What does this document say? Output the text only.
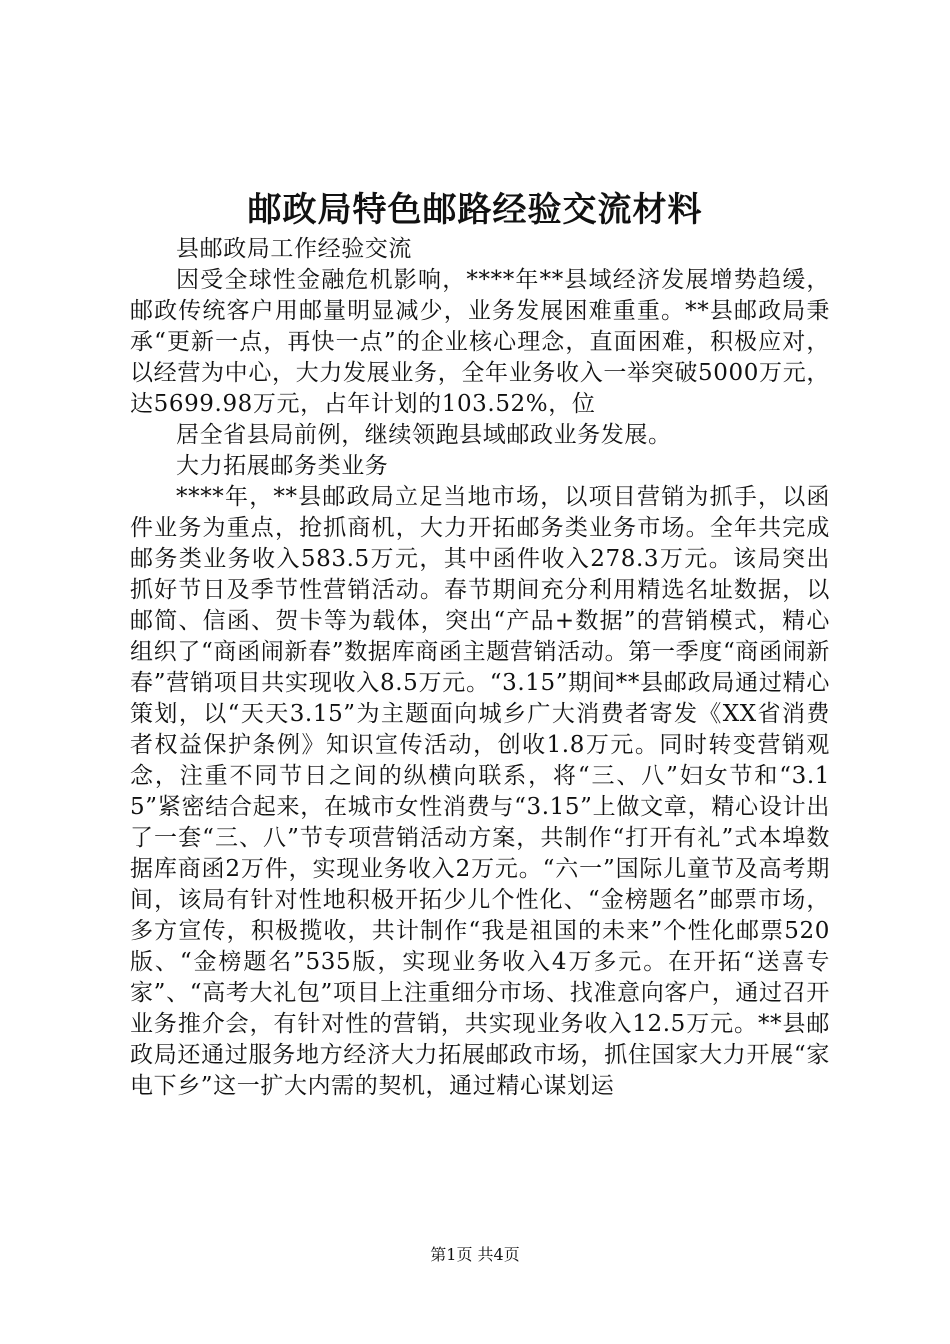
邮政局特色邮路经验交流材料

县邮政局工作经验交流

因受全球性金融危机影响，****年**县域经济发展增势趋缓，邮政传统客户用邮量明显减少，业务发展困难重重。**县邮政局秉承“更新一点，再快一点”的企业核心理念，直面困难，积极应对，以经营为中心，大力发展业务，全年业务收入一举突破5000万元，达5699.98万元，占年计划的103.52%，位

居全省县局前例，继续领跑县域邮政业务发展。

大力拓展邮务类业务

****年，**县邮政局立足当地市场，以项目营销为抓手，以函件业务为重点，抢抓商机，大力开拓邮务类业务市场。全年共完成邮务类业务收入583.5万元，其中函件收入278.3万元。该局突出抓好节日及季节性营销活动。春节期间充分利用精选名址数据，以邮简、信函、贺卡等为载体，突出“产品+数据”的营销模式，精心组织了“商函闹新春”数据库商函主题营销活动。第一季度“商函闹新春”营销项目共实现收入8.5万元。“3.15”期间**县邮政局通过精心策划，以“天天3.15”为主题面向城乡广大消费者寄发《XX省消费者权益保护条例》知识宣传活动，创收1.8万元。同时转变营销观念，注重不同节日之间的纵横向联系，将“三、八”妇女节和“3.15”紧密结合起来，在城市女性消费与“3.15”上做文章，精心设计出了一套“三、八”节专项营销活动方案，共制作“打开有礼”式本埠数据库商函2万件，实现业务收入2万元。“六一”国际儿童节及高考期间，该局有针对性地积极开拓少儿个性化、“金榜题名”邮票市场，多方宣传，积极揽收，共计制作“我是祖国的未来”个性化邮票520版、“金榜题名”535版，实现业务收入4万多元。在开拓“送喜专家”、“高考大礼包”项目上注重细分市场、找准意向客户，通过召开业务推介会，有针对性的营销，共实现业务收入12.5万元。**县邮政局还通过服务地方经济大力拓展邮政市场，抓住国家大力开展“家电下乡”这一扩大内需的契机，通过精心谋划运

第1页 共4页
